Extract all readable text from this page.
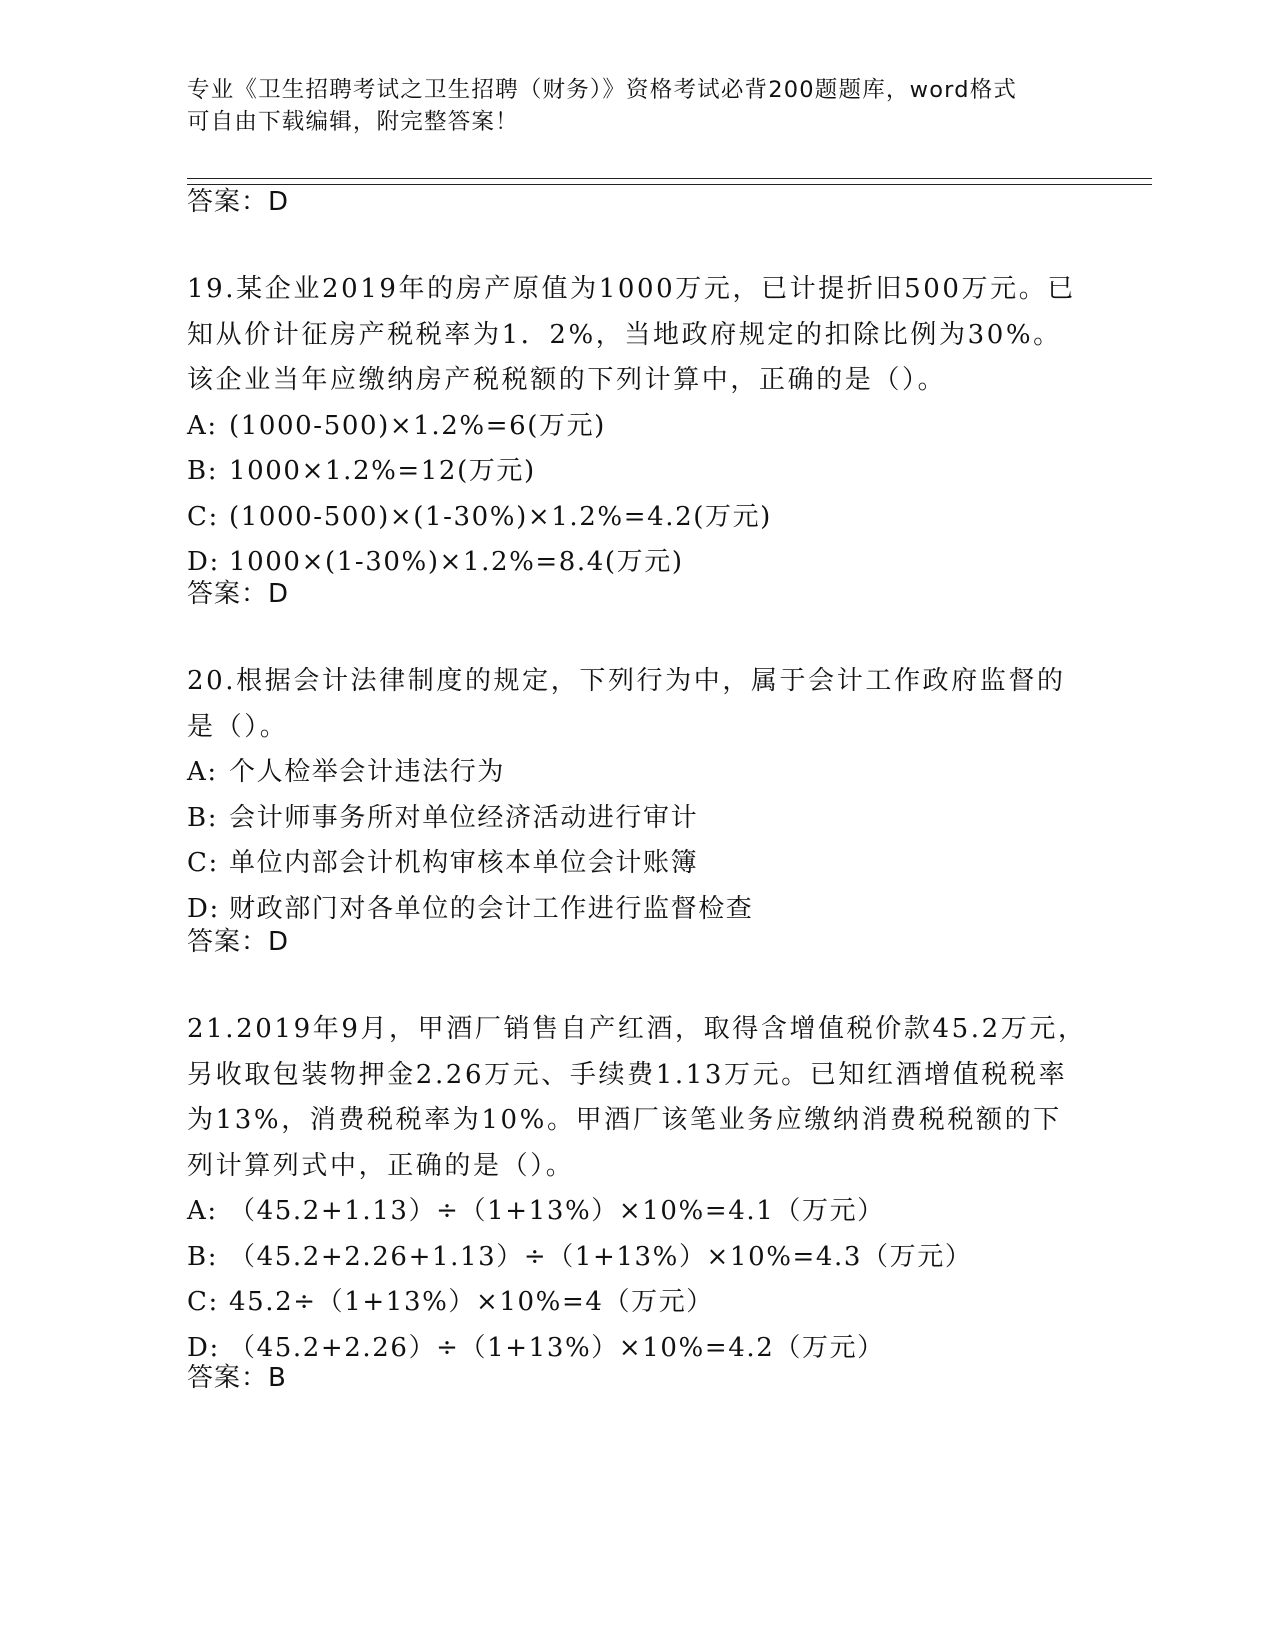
专业《卫生招聘考试之卫生招聘（财务）》资格考试必背200题题库，word格式
可自由下载编辑，附完整答案！
答案：D

19.某企业2019年的房产原值为1000万元，已计提折旧500万元。已知从价计征房产税税率为1．2%，当地政府规定的扣除比例为30%。该企业当年应缴纳房产税税额的下列计算中，正确的是（）。

A: (1000-500)×1.2%=6(万元)

B: 1000×1.2%=12(万元)

C: (1000-500)×(1-30%)×1.2%=4.2(万元)

D: 1000×(1-30%)×1.2%=8.4(万元)

答案：D

20.根据会计法律制度的规定，下列行为中，属于会计工作政府监督的是（）。

A: 个人检举会计违法行为

B: 会计师事务所对单位经济活动进行审计

C: 单位内部会计机构审核本单位会计账簿

D: 财政部门对各单位的会计工作进行监督检查

答案：D

21.2019年9月，甲酒厂销售自产红酒，取得含增值税价款45.2万元，另收取包装物押金2.26万元、手续费1.13万元。已知红酒增值税税率为13%，消费税税率为10%。甲酒厂该笔业务应缴纳消费税税额的下列计算列式中，正确的是（）。

A: （45.2+1.13）÷（1+13%）×10%=4.1（万元）

B: （45.2+2.26+1.13）÷（1+13%）×10%=4.3（万元）

C: 45.2÷（1+13%）×10%=4（万元）

D: （45.2+2.26）÷（1+13%）×10%=4.2（万元）

答案：B
